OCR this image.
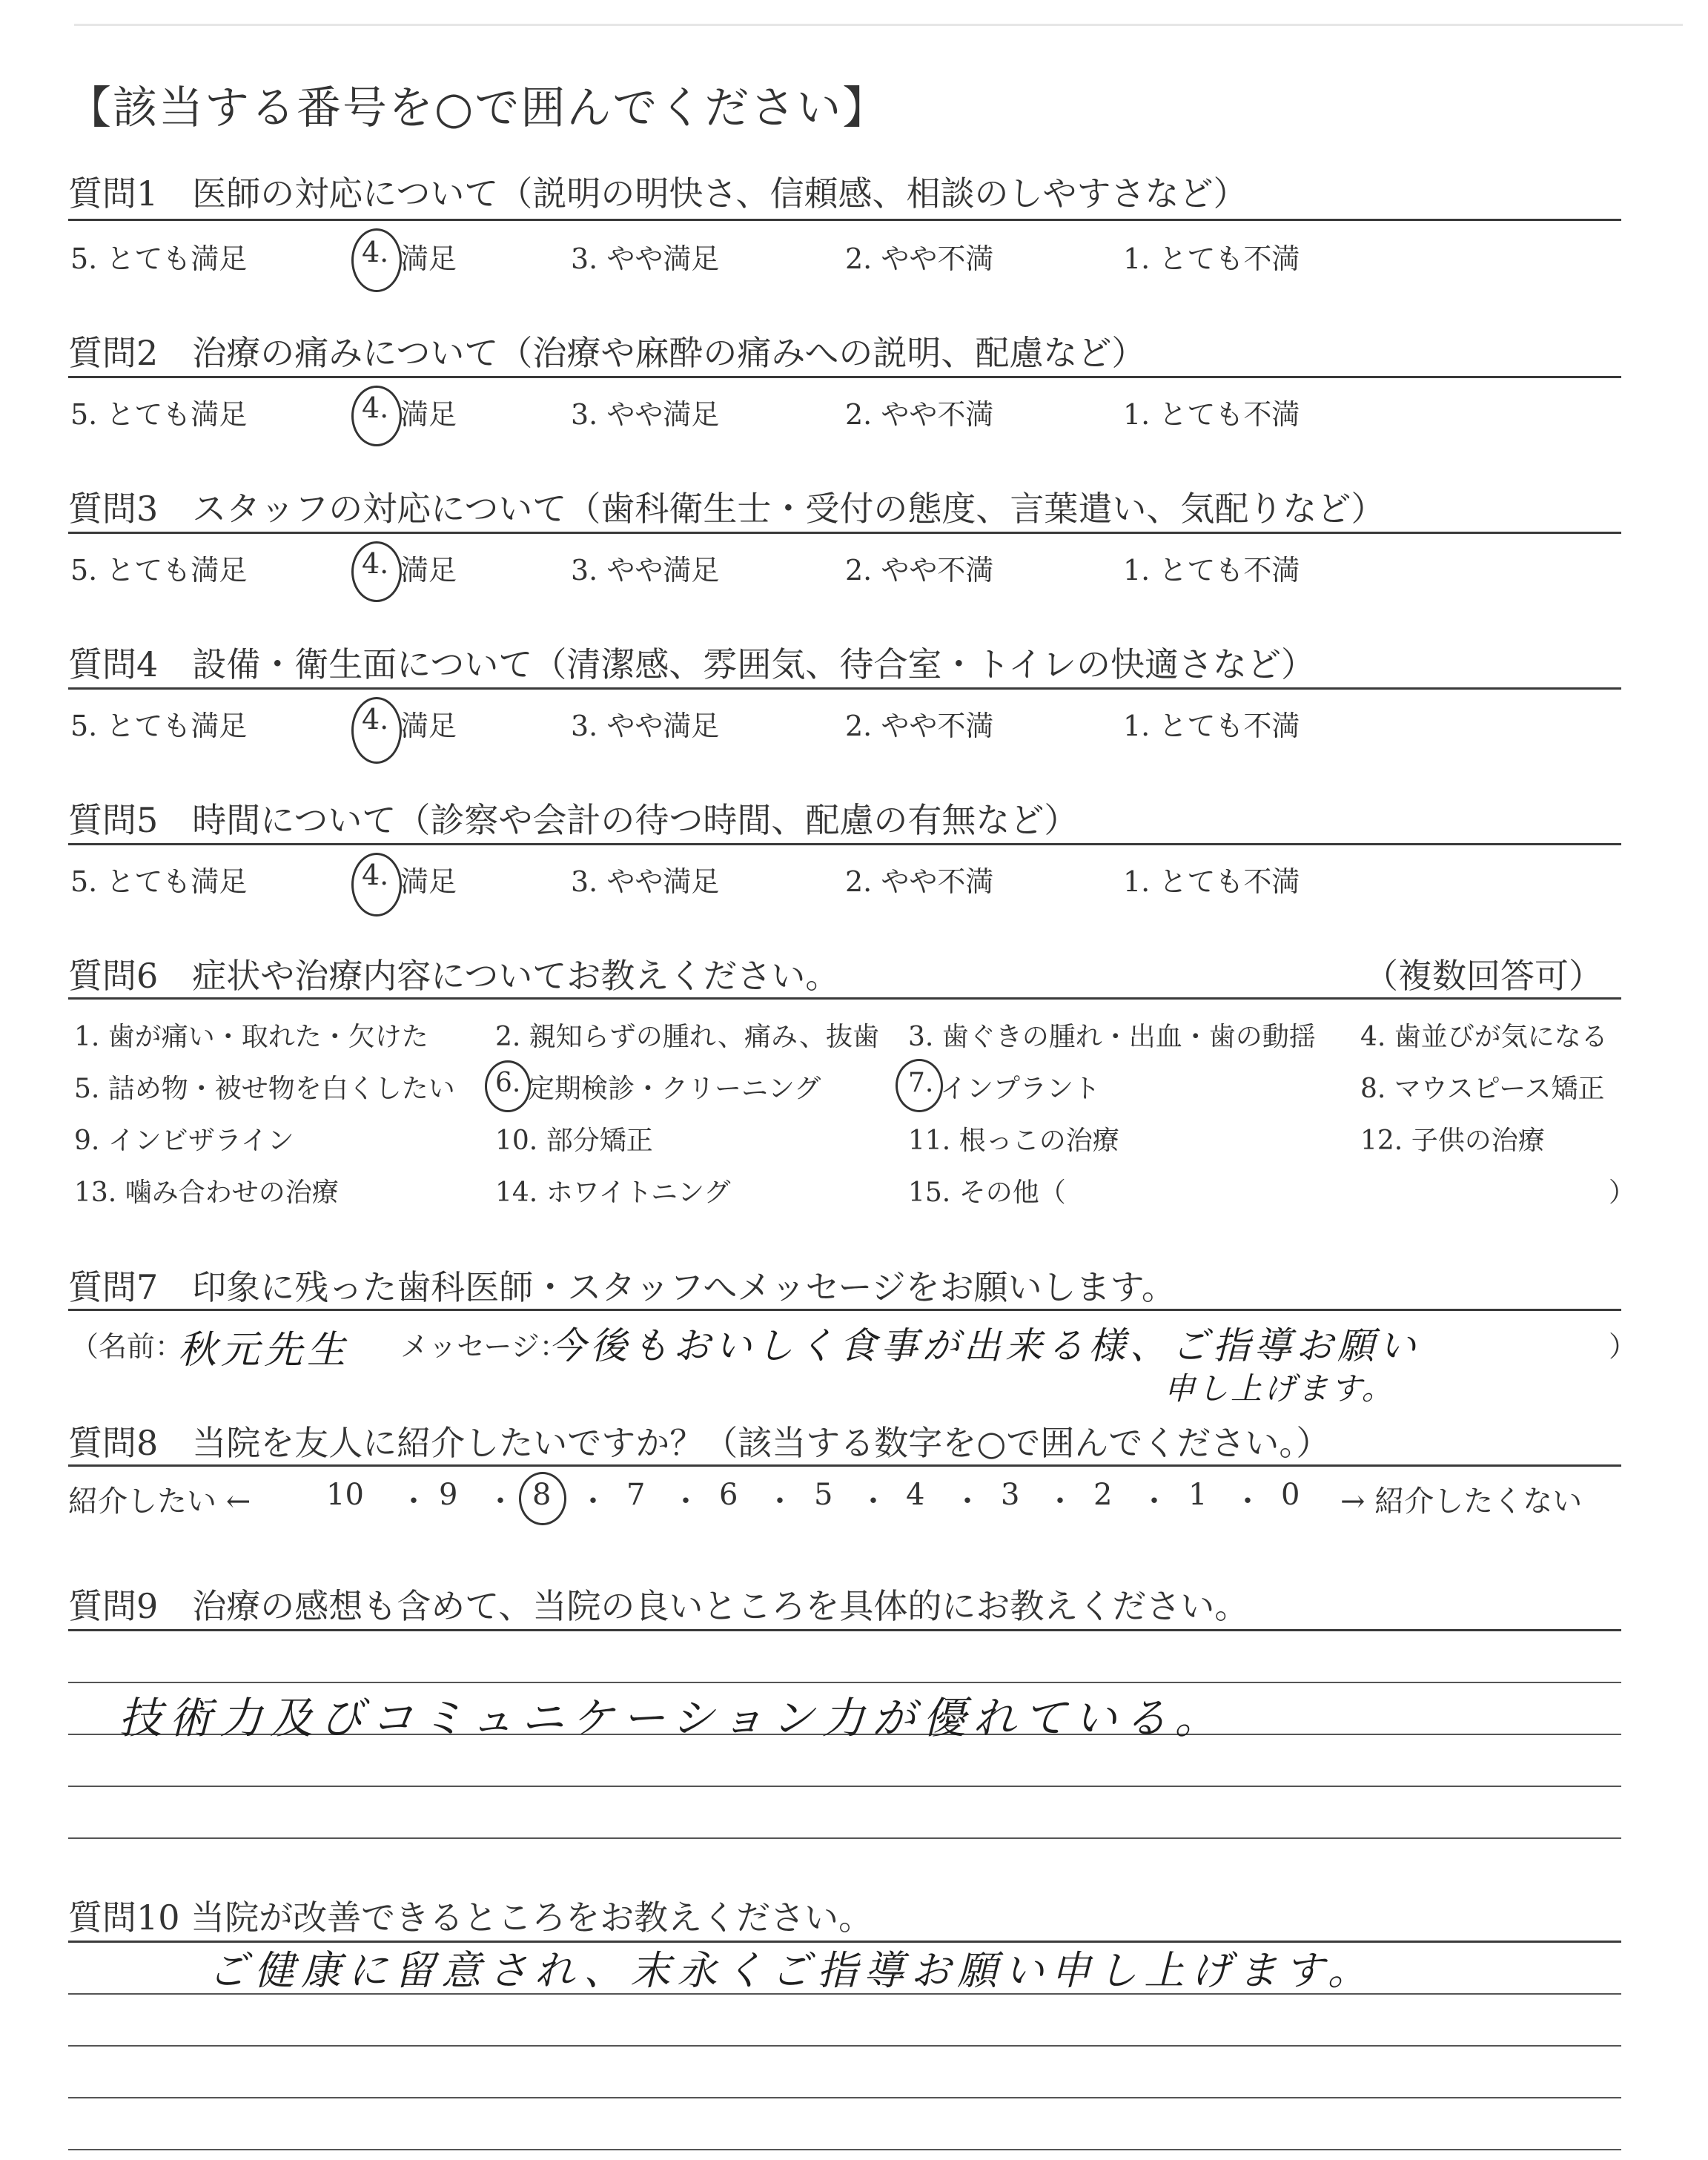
【該当する番号を○で囲んでください】
質問1　医師の対応について（説明の明快さ、信頼感、相談のしやすさなど）
5. とても満足	4. 満足	3. やや満足	2. やや不満	1. とても不満
質問2　治療の痛みについて（治療や麻酔の痛みへの説明、配慮など）
5. とても満足	4. 満足	3. やや満足	2. やや不満	1. とても不満
質問3　スタッフの対応について（歯科衛生士・受付の態度、言葉遣い、気配りなど）
5. とても満足	4. 満足	3. やや満足	2. やや不満	1. とても不満
質問4　設備・衛生面について（清潔感、雰囲気、待合室・トイレの快適さなど）
5. とても満足	4. 満足	3. やや満足	2. やや不満	1. とても不満
質問5　時間について（診察や会計の待つ時間、配慮の有無など）
5. とても満足	4. 満足	3. やや満足	2. やや不満	1. とても不満
質問6　症状や治療内容についてお教えください。	（複数回答可）
1. 歯が痛い・取れた・欠けた	2. 親知らずの腫れ、痛み、抜歯 3. 歯ぐきの腫れ・出血・歯の動揺 4. 歯並びが気になる
5. 詰め物・被せ物を白くしたい 6. 定期検診・クリーニング	7. インプラント	8. マウスピース矯正
9. インビザライン	10. 部分矯正	11. 根っこの治療	12. 子供の治療
13. 噛み合わせの治療	14. ホワイトニング	15. その他（	）
質問7　印象に残った歯科医師・スタッフへメッセージをお願いします。
（名前：
秋元先生 メッセージ：
今後もおいしく食事が出来る様、ご指導お願い
申し上げます。
）
質問8　当院を友人に紹介したいですか？（該当する数字を○で囲んでください。）
紹介したい ←	10 ・ 9 ・ 8 ・ 7 ・ 6 ・ 5 ・ 4 ・ 3 ・ 2 ・ 1 ・ 0 → 紹介したくない
質問9　治療の感想も含めて、当院の良いところを具体的にお教えください。
技術力及びコミュニケーション力が優れている。
質問10 当院が改善できるところをお教えください。
ご健康に留意され、末永くご指導お願い申し上げます。
